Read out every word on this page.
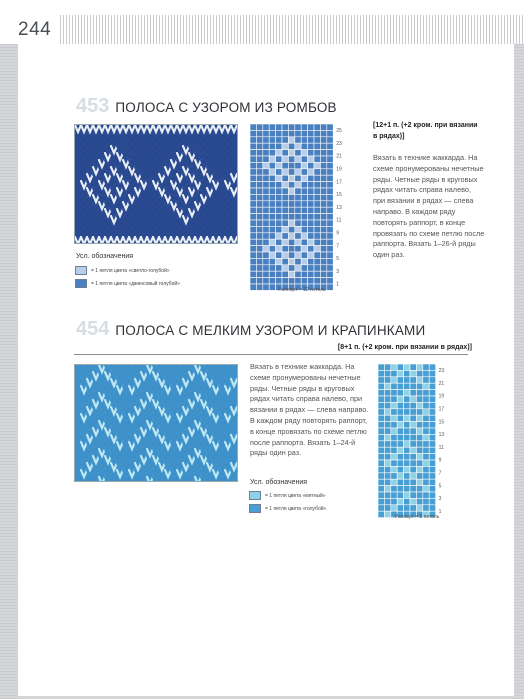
244
453 ПОЛОСА С УЗОРОМ ИЗ РОМБОВ
25
23
21
19
17
15
13
11
9
7
5
3
1
Раппорт = 12 петель
[12+1 п. (+2 кром. при вязании в рядах)]
Вязать в технике жаккарда. На схеме пронумерованы нечетные ряды. Четные ряды в круговых рядах читать справа налево, при вязании в рядах — слева направо. В каждом ряду повторять раппорт, в конце провязать по схеме петлю после раппорта. Вязать 1–26-й ряды один раз.
Усл. обозначения
= 1 петля цвета «светло-голубой»
= 1 петля цвета «джинсовый голубой»
454 ПОЛОСА С МЕЛКИМ УЗОРОМ И КРАПИНКАМИ
[8+1 п. (+2 кром. при вязании в рядах)]
Вязать в технике жаккарда. На схеме пронумерованы нечетные ряды. Четные ряды в круговых рядах читать справа налево, при вязании в рядах — слева направо. В каждом ряду повторять раппорт, в конце провязать по схеме петлю после раппорта. Вязать 1–24-й ряды один раз.
Усл. обозначения
= 1 петля цвета «мятный»
= 1 петля цвета «голубой»
23
21
19
17
15
13
11
9
7
5
3
1
Раппорт = 8 петель
